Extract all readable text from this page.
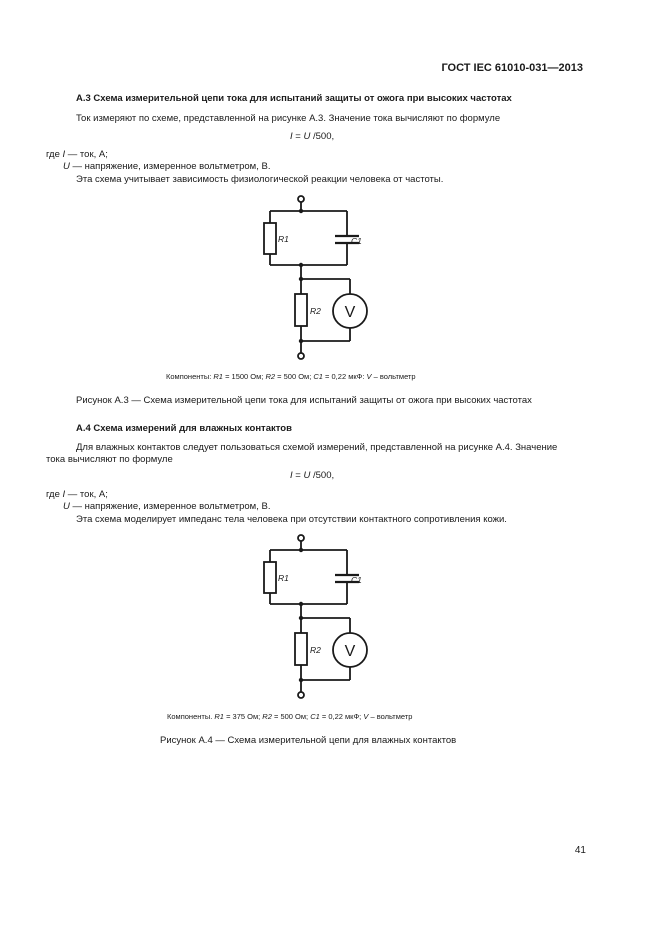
ГОСТ IEC 61010-031—2013
А.3 Схема измерительной цепи тока для испытаний защиты от ожога при высоких частотах
Ток измеряют по схеме, представленной на рисунке А.3. Значение тока вычисляют по формуле
I = U /500,
где I — ток, А;
U — напряжение, измеренное вольтметром, В.
Эта схема учитывает зависимость физиологической реакции человека от частоты.
R1	C1
R2 V
Компоненты: R1 = 1500 Ом; R2 = 500 Ом; C1 = 0,22 мкФ: V – вольтметр
Рисунок А.3 — Схема измерительной цепи тока для испытаний защиты от ожога при высоких частотах
А.4 Схема измерений для влажных контактов
Для влажных контактов следует пользоваться схемой измерений, представленной на рисунке А.4. Значение
тока вычисляют по формуле
I = U /500,
где I — ток, А;
U — напряжение, измеренное вольтметром, В.
Эта схема моделирует импеданс тела человека при отсутствии контактного сопротивления кожи.
R1	C1
R2 V
Компоненты. R1 = 375 Ом; R2 = 500 Ом; C1 = 0,22 мкФ; V – вольтметр
Рисунок А.4 — Схема измерительной цепи для влажных контактов
41
